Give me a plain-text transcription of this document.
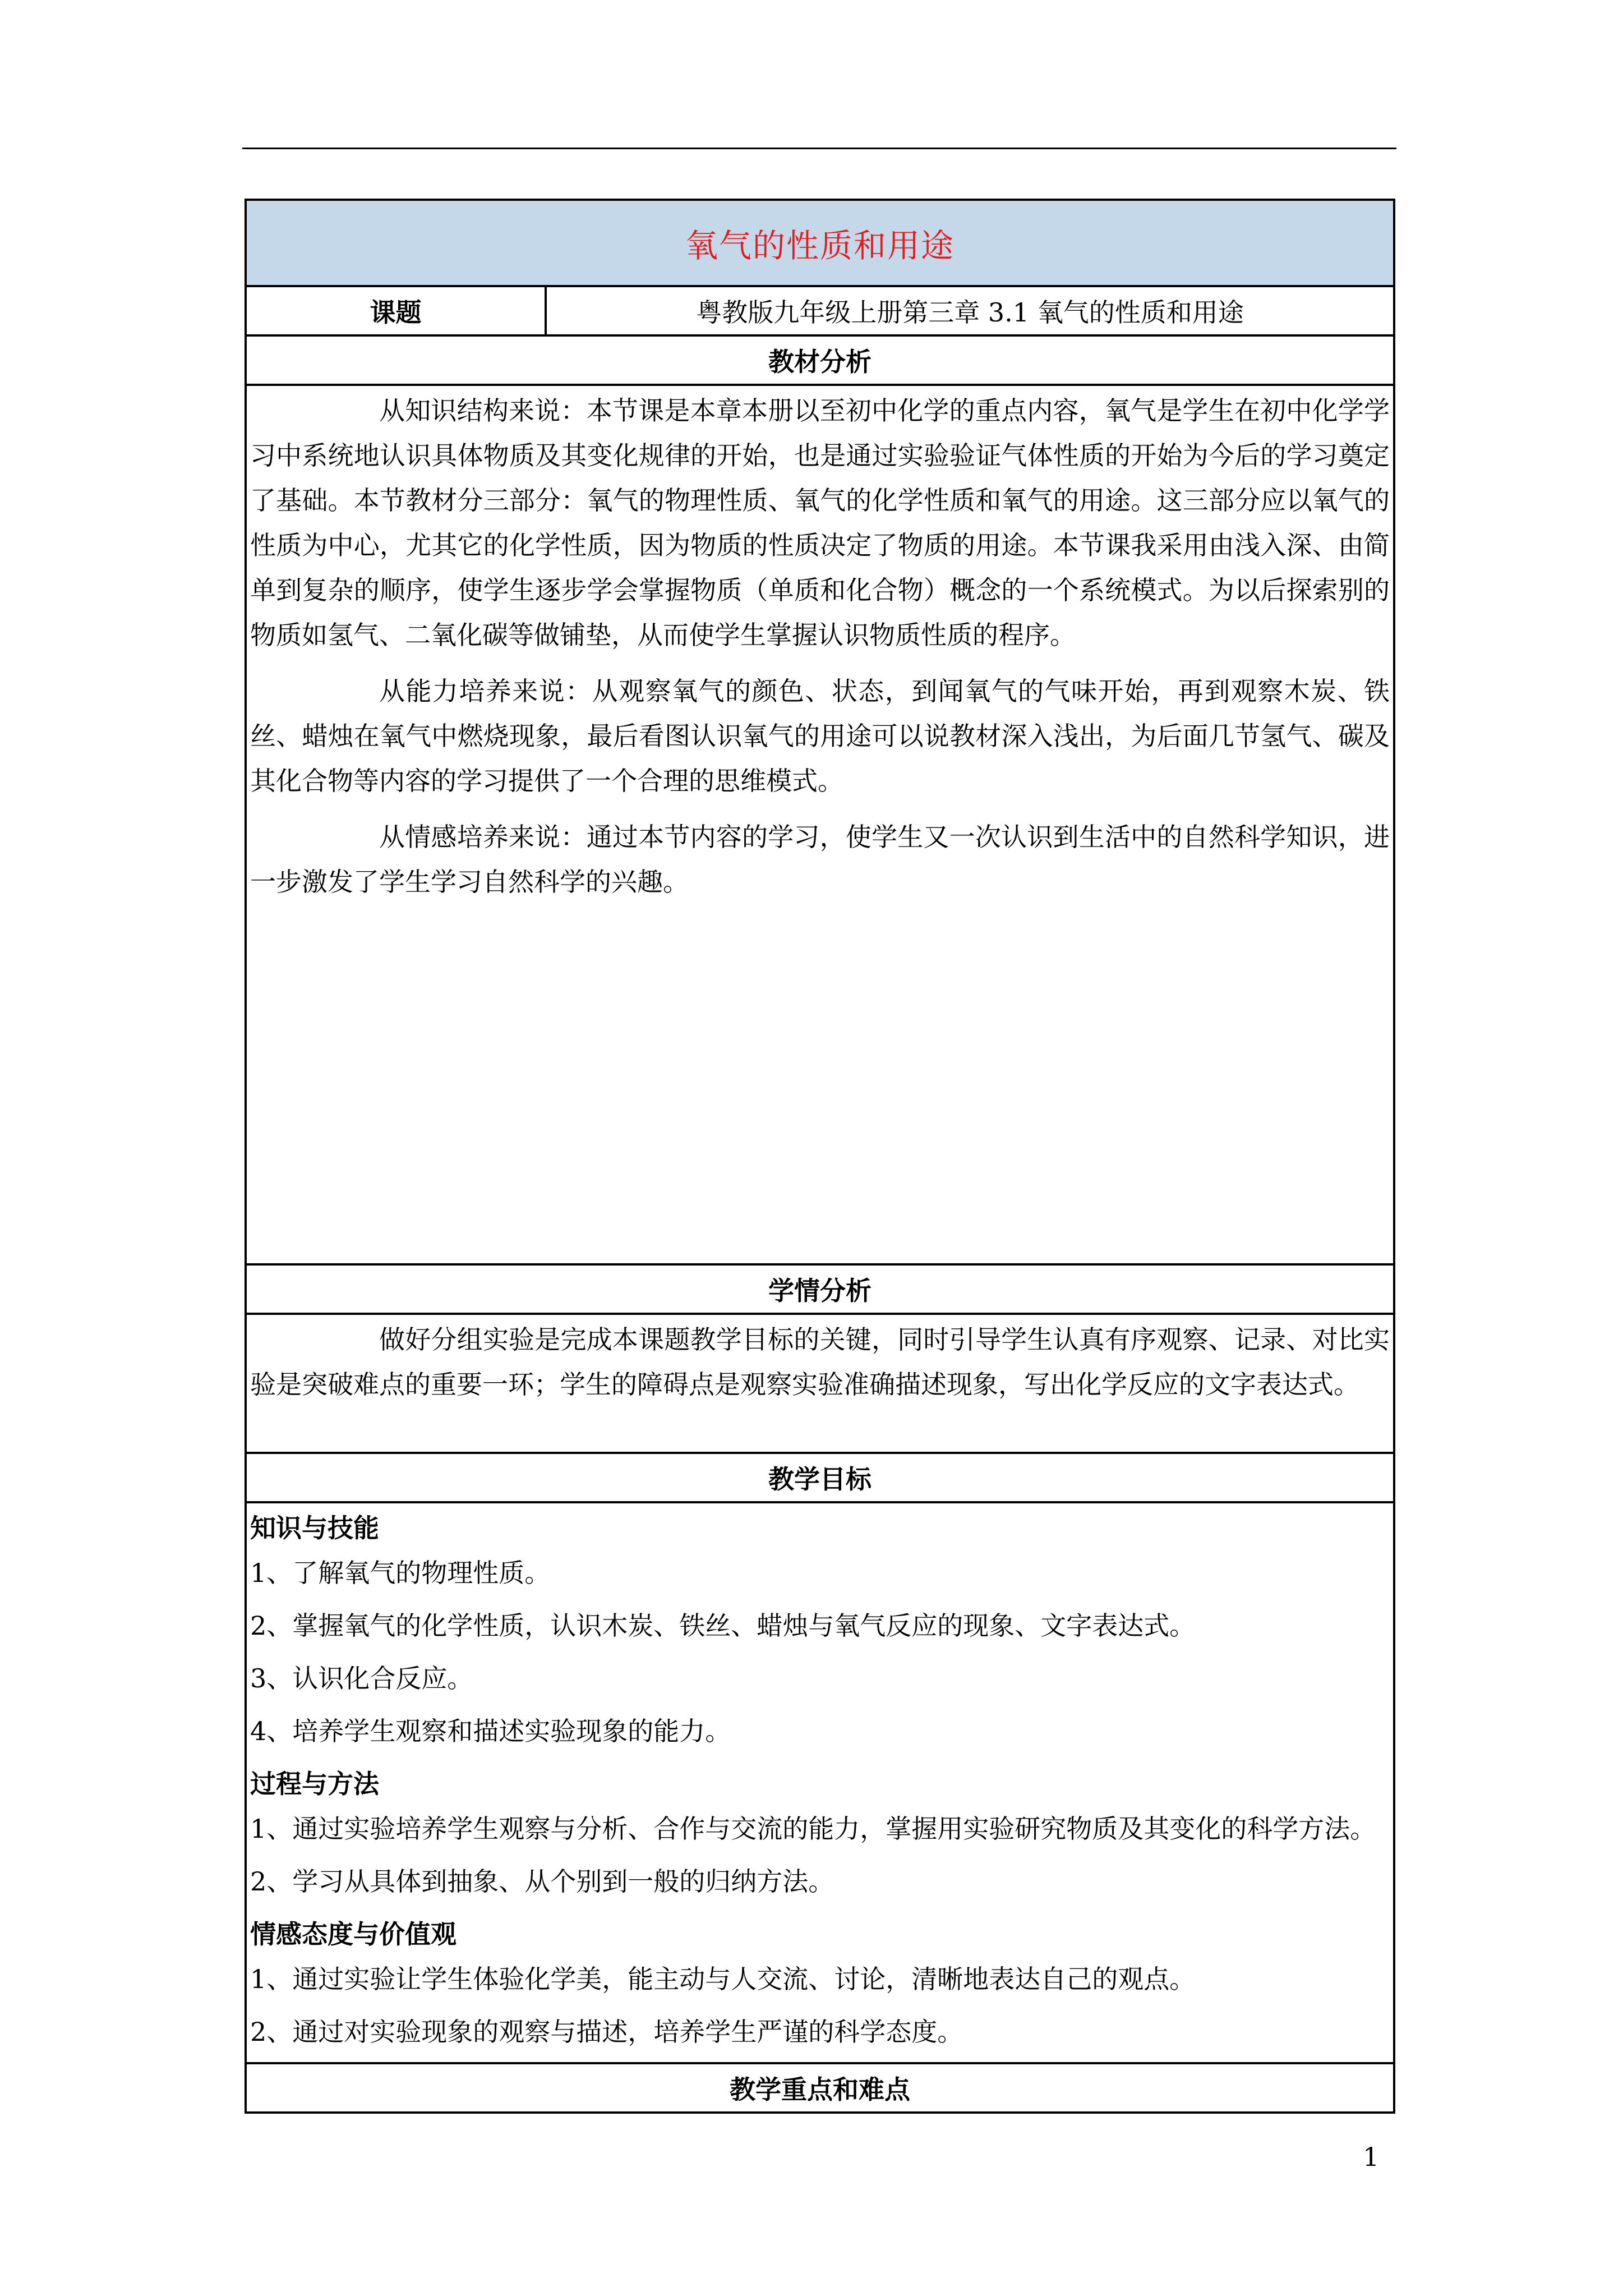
氧气的性质和用途
课题	粤教版九年级上册第三章 3.1 氧气的性质和用途
教材分析

从知识结构来说：本节课是本章本册以至初中化学的重点内容，氧气是学生在初中化学学习中系统地认识具体物质及其变化规律的开始，也是通过实验验证气体性质的开始为今后的学习奠定了基础。本节教材分三部分：氧气的物理性质、氧气的化学性质和氧气的用途。这三部分应以氧气的性质为中心，尤其它的化学性质，因为物质的性质决定了物质的用途。本节课我采用由浅入深、由简单到复杂的顺序，使学生逐步学会掌握物质（单质和化合物）概念的一个系统模式。为以后探索别的物质如氢气、二氧化碳等做铺垫，从而使学生掌握认识物质性质的程序。

从能力培养来说：从观察氧气的颜色、状态，到闻氧气的气味开始，再到观察木炭、铁丝、蜡烛在氧气中燃烧现象，最后看图认识氧气的用途可以说教材深入浅出，为后面几节氢气、碳及其化合物等内容的学习提供了一个合理的思维模式。

从情感培养来说：通过本节内容的学习，使学生又一次认识到生活中的自然科学知识，进一步激发了学生学习自然科学的兴趣。

学情分析

做好分组实验是完成本课题教学目标的关键，同时引导学生认真有序观察、记录、对比实验是突破难点的重要一环；学生的障碍点是观察实验准确描述现象，写出化学反应的文字表达式。

教学目标

知识与技能

1、了解氧气的物理性质。

2、掌握氧气的化学性质，认识木炭、铁丝、蜡烛与氧气反应的现象、文字表达式。

3、认识化合反应。

4、培养学生观察和描述实验现象的能力。

过程与方法

1、通过实验培养学生观察与分析、合作与交流的能力，掌握用实验研究物质及其变化的科学方法。

2、学习从具体到抽象、从个别到一般的归纳方法。

情感态度与价值观

1、通过实验让学生体验化学美，能主动与人交流、讨论，清晰地表达自己的观点。

2、通过对实验现象的观察与描述，培养学生严谨的科学态度。

教学重点和难点
1
